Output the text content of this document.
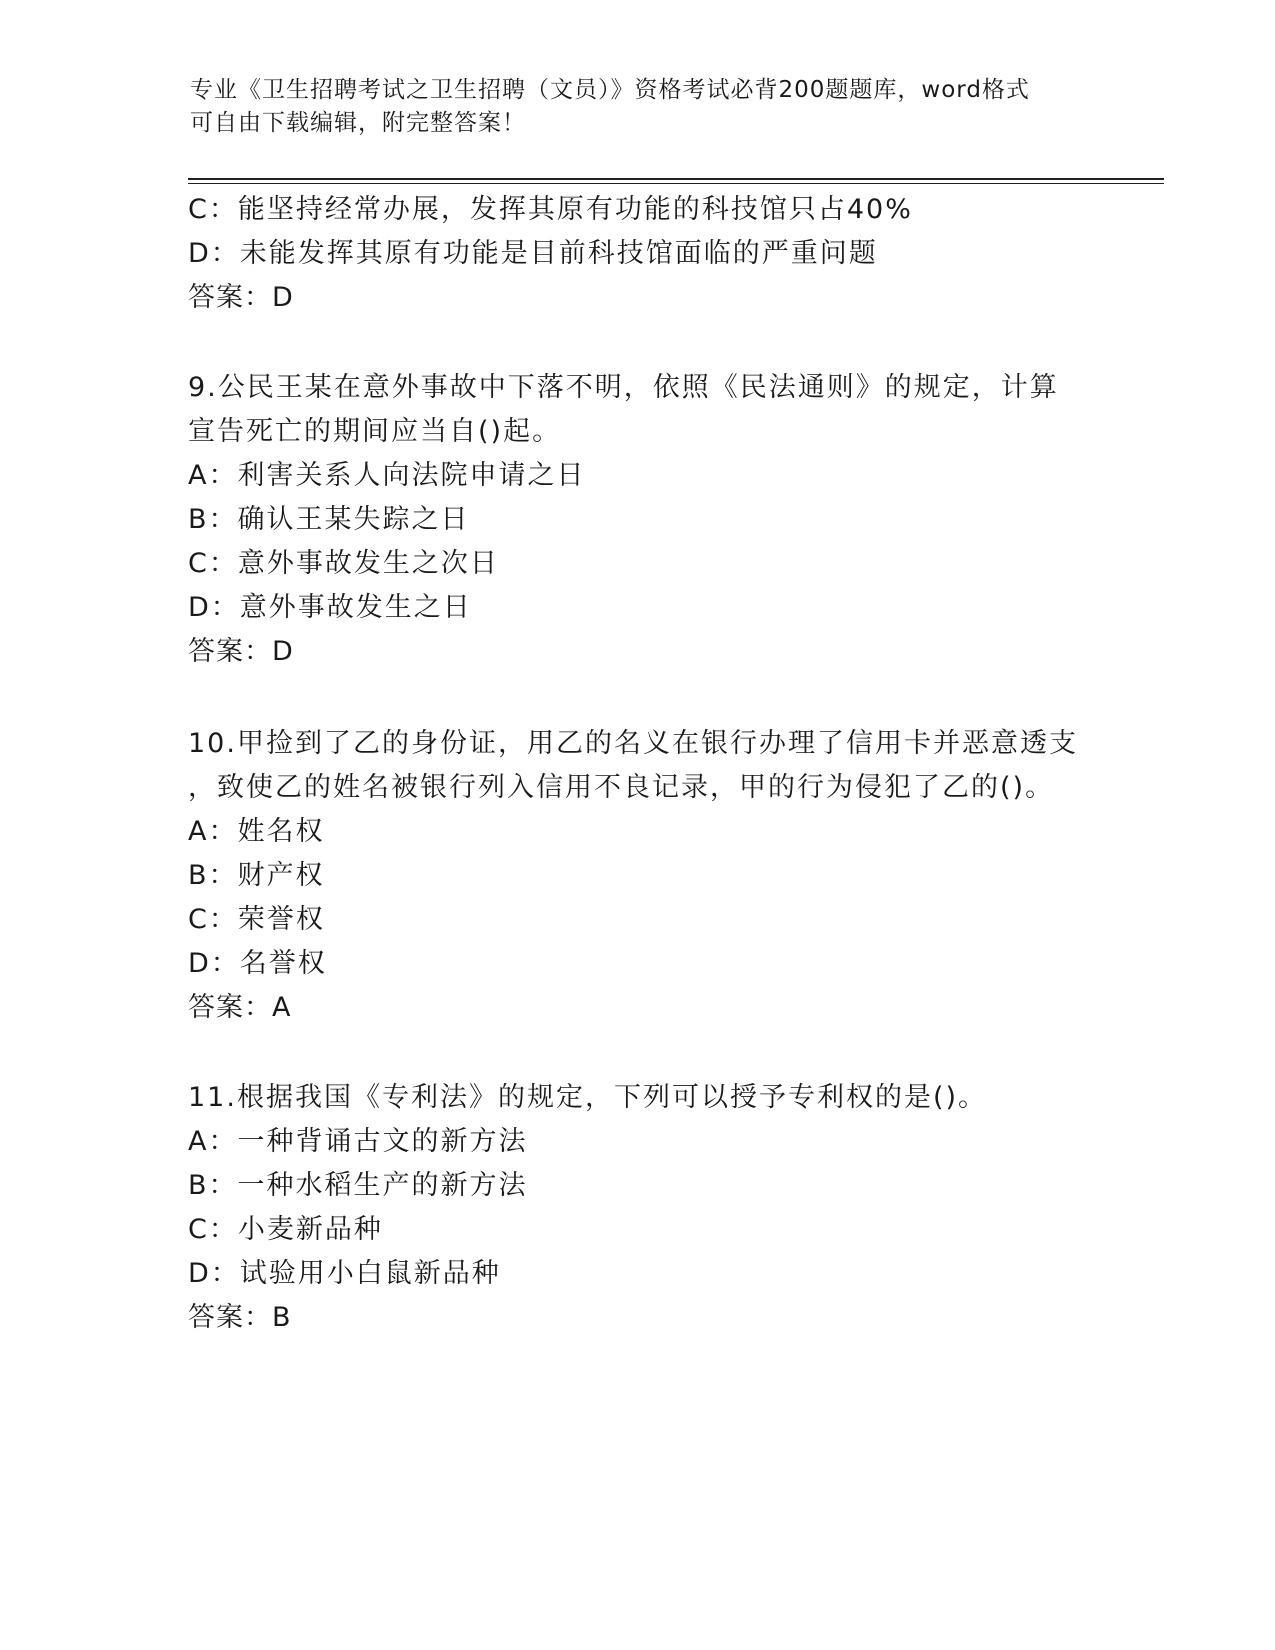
专业《卫生招聘考试之卫生招聘（文员）》资格考试必背200题题库，word格式
可自由下载编辑，附完整答案！
C：能坚持经常办展，发挥其原有功能的科技馆只占40%
D：未能发挥其原有功能是目前科技馆面临的严重问题
答案：D
9.公民王某在意外事故中下落不明，依照《民法通则》的规定，计算
宣告死亡的期间应当自()起。
A：利害关系人向法院申请之日
B：确认王某失踪之日
C：意外事故发生之次日
D：意外事故发生之日
答案：D
10.甲捡到了乙的身份证，用乙的名义在银行办理了信用卡并恶意透支
，致使乙的姓名被银行列入信用不良记录，甲的行为侵犯了乙的()。
A：姓名权
B：财产权
C：荣誉权
D：名誉权
答案：A
11.根据我国《专利法》的规定，下列可以授予专利权的是()。
A：一种背诵古文的新方法
B：一种水稻生产的新方法
C：小麦新品种
D：试验用小白鼠新品种
答案：B
